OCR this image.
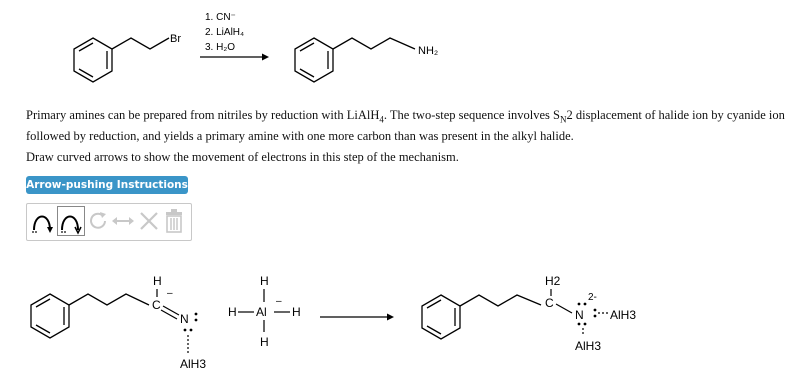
Br
1. CN⁻
2. LiAlH₄
3. H₂O	NH₂
Primary amines can be prepared from nitriles by reduction with LiAlH$_4$. The two-step sequence involves $S_N2$ displacement of halide ion by cyanide ion followed by reduction, and yields a primary amine with one more carbon than was present in the alkyl halide.
Draw curved arrows to show the movement of electrons in this step of the mechanism.
Arrow-pushing Instructions
H
C
–
N
AlH3
H
H Al
–
H
H
H2
C	2-
N AlH3
AlH3
